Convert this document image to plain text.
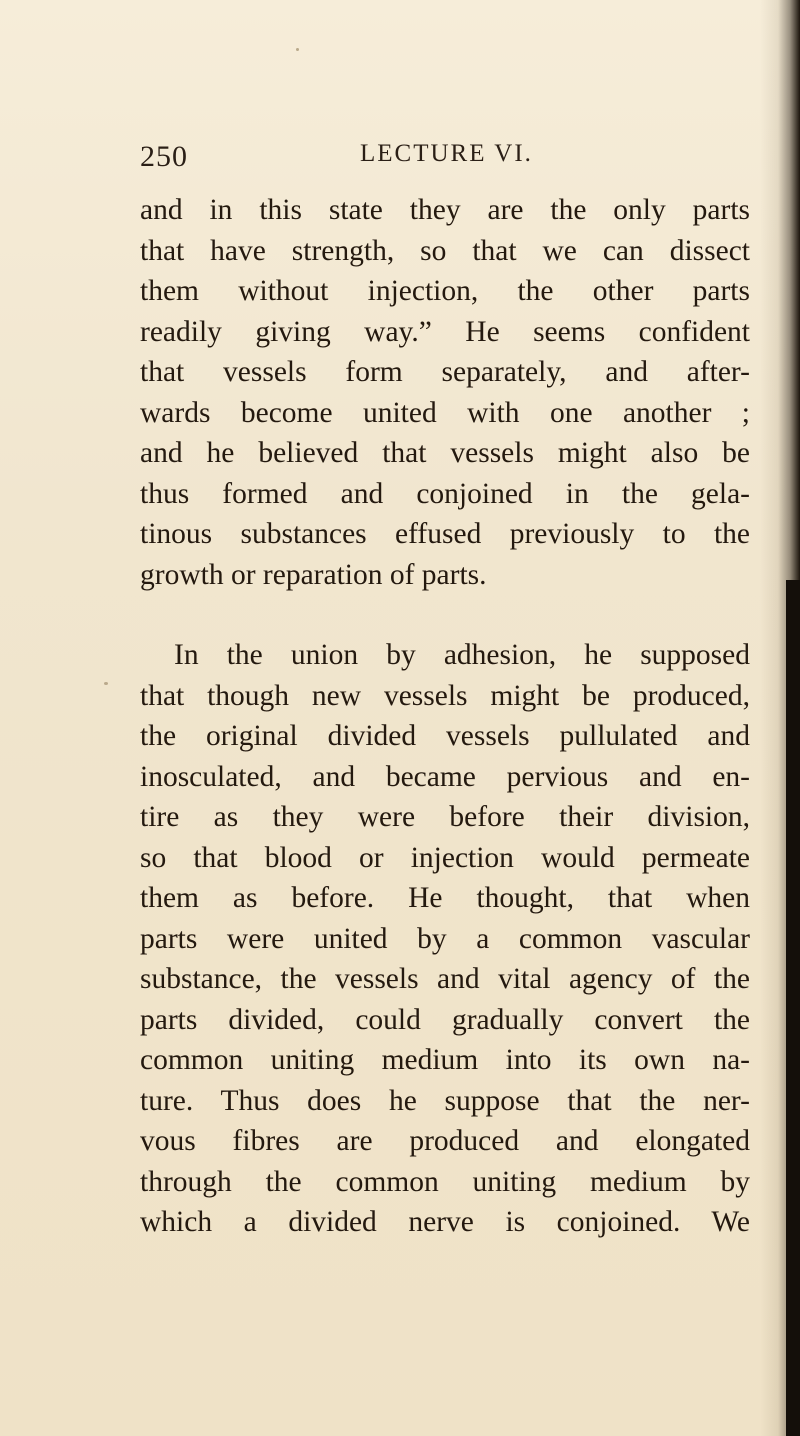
250	LECTURE VI.
and in this state they are the only parts
that have strength, so that we can dissect
them without injection, the other parts
readily giving way.” He seems confident
that vessels form separately, and after-
wards become united with one another ;
and he believed that vessels might also be
thus formed and conjoined in the gela-
tinous substances effused previously to the
growth or reparation of parts.
In the union by adhesion, he supposed
that though new vessels might be produced,
the original divided vessels pullulated and
inosculated, and became pervious and en-
tire as they were before their division,
so that blood or injection would permeate
them as before. He thought, that when
parts were united by a common vascular
substance, the vessels and vital agency of the
parts divided, could gradually convert the
common uniting medium into its own na-
ture. Thus does he suppose that the ner-
vous fibres are produced and elongated
through the common uniting medium by
which a divided nerve is conjoined. We
